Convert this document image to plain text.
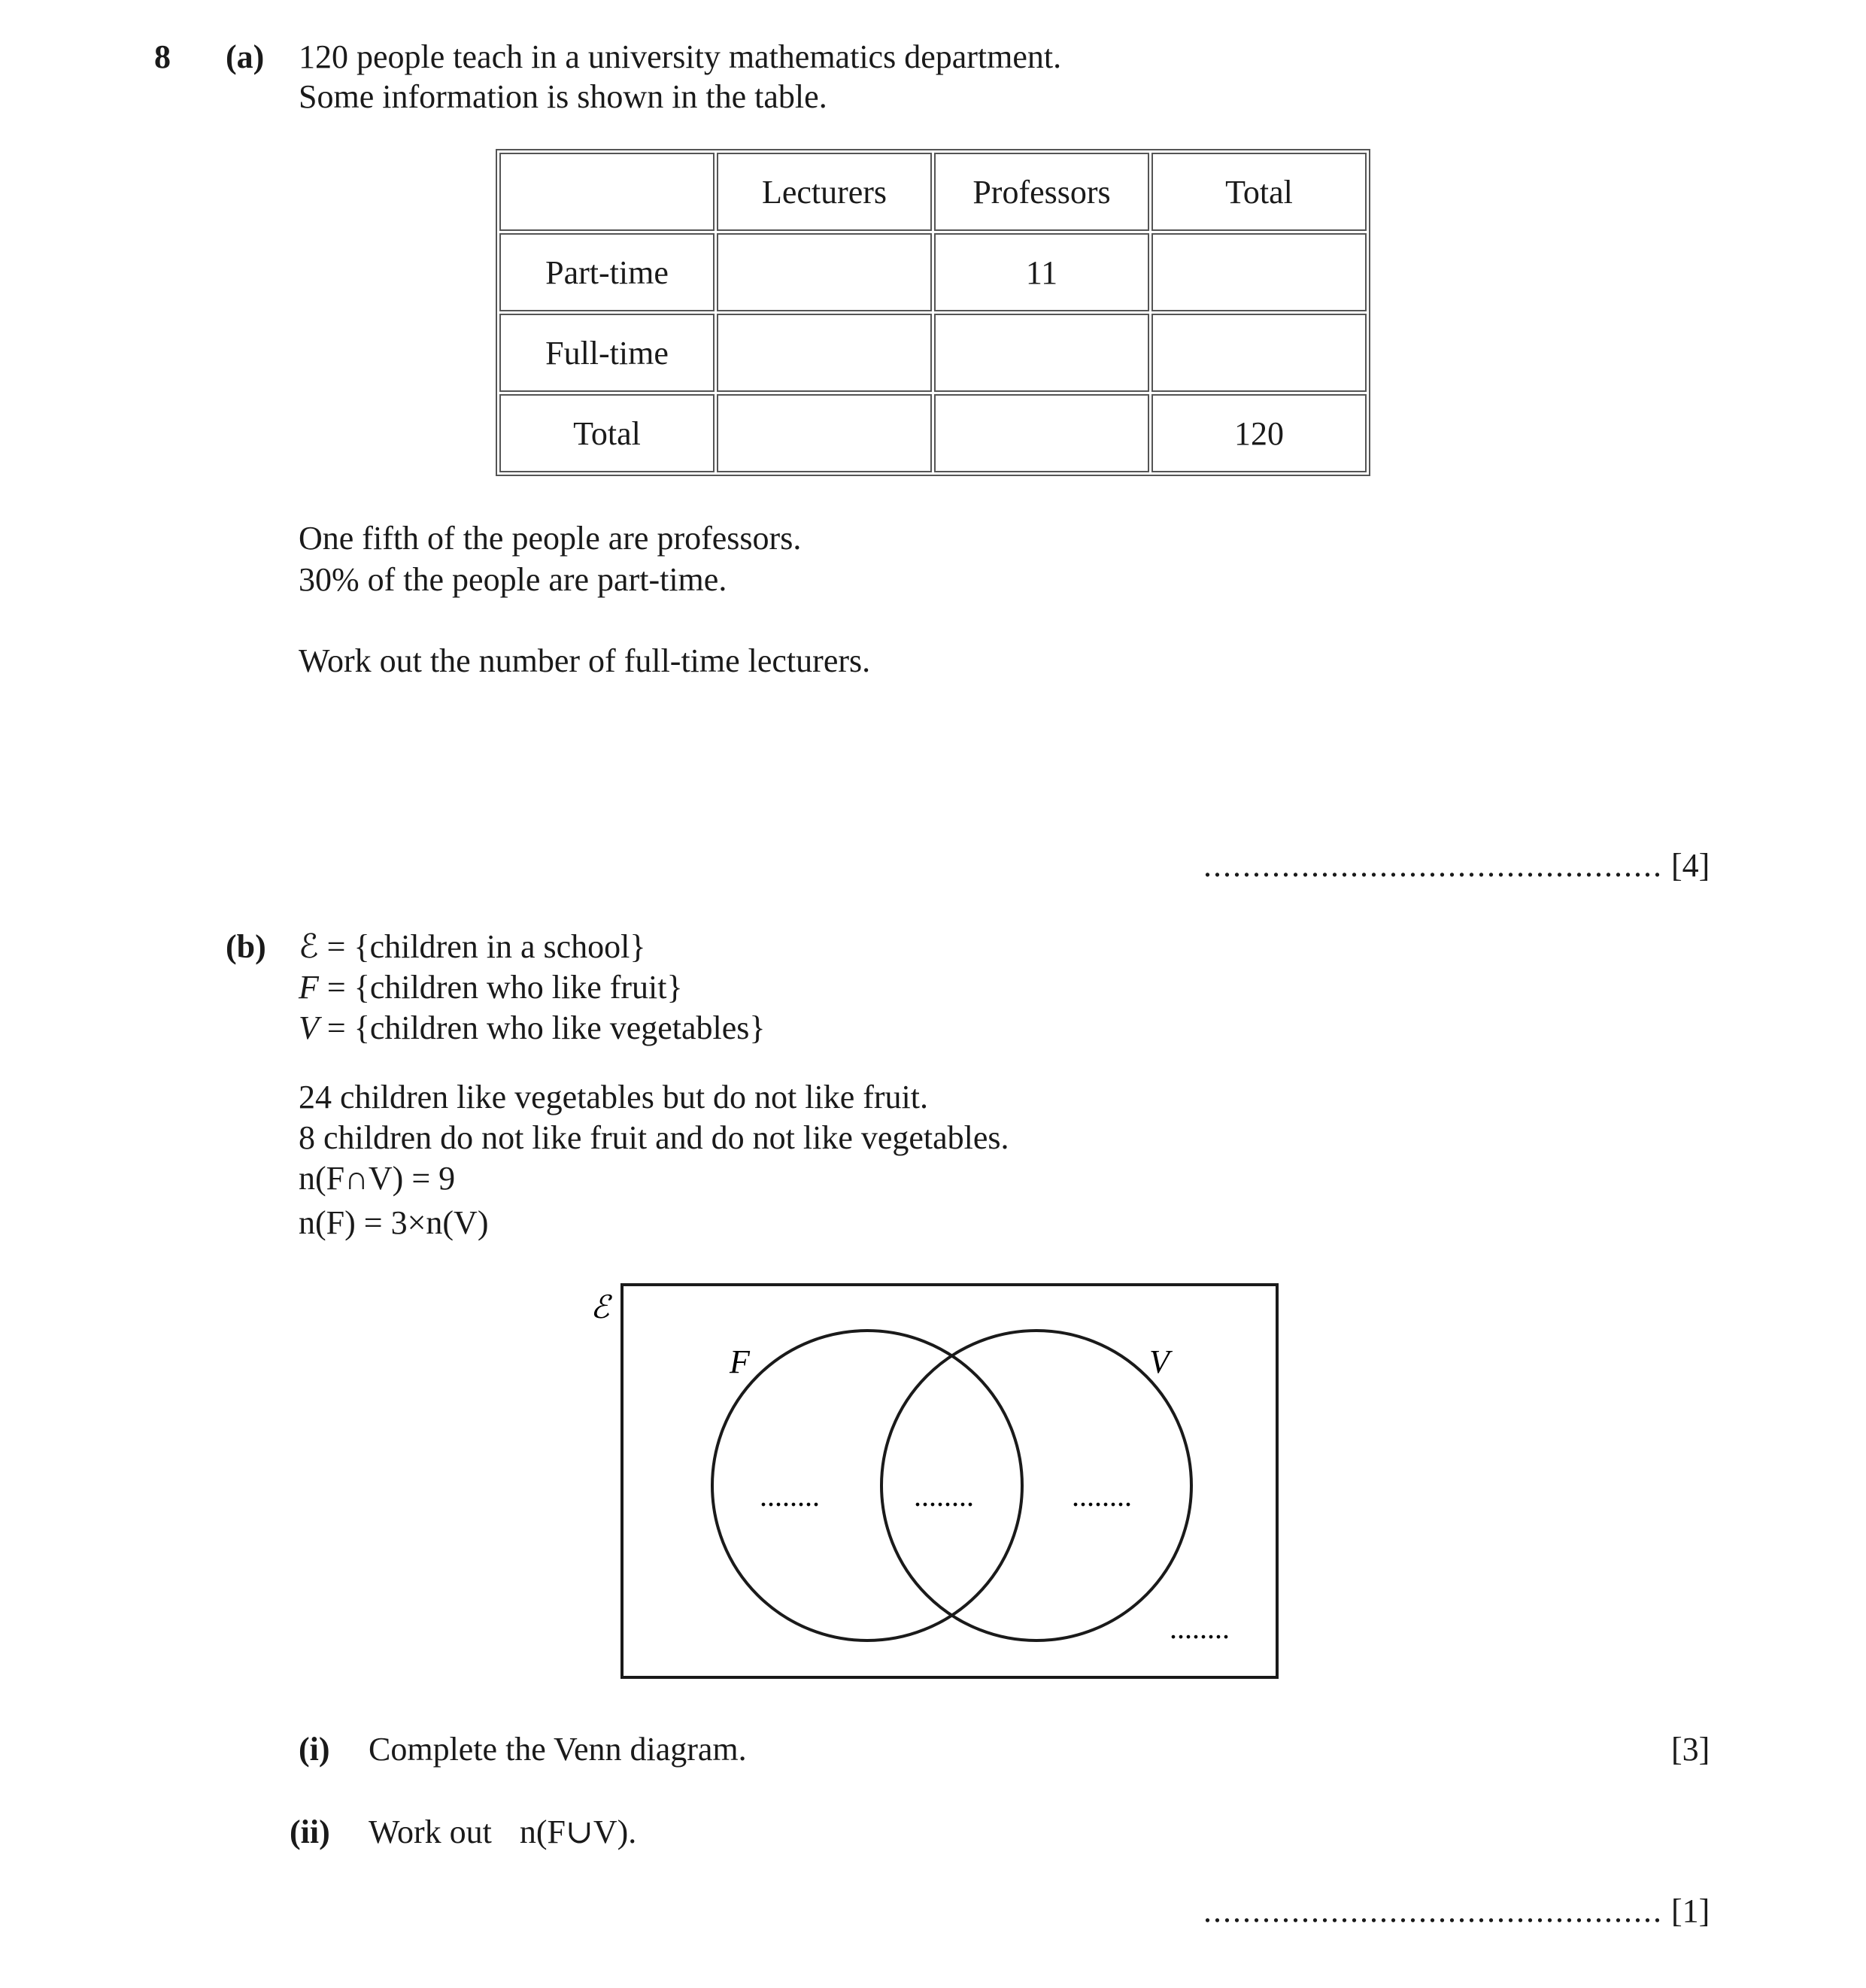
8 (a) 120 people teach in a university mathematics department.
Some information is shown in the table.
	Lecturers	Professors	Total
Part-time		11	
Full-time			
Total			120
One fifth of the people are professors.
30% of the people are part-time.
Work out the number of full-time lecturers.
............................................... [4]
(b) ℰ = {children in a school}
F = {children who like fruit}
V = {children who like vegetables}
24 children like vegetables but do not like fruit.
8 children do not like fruit and do not like vegetables.
n(F∩V) = 9
n(F) = 3×n(V)
ℰ
F	V
........	........	........
........
(i) Complete the Venn diagram.	[3]
(ii) Work out n(F∪V).
............................................... [1]
